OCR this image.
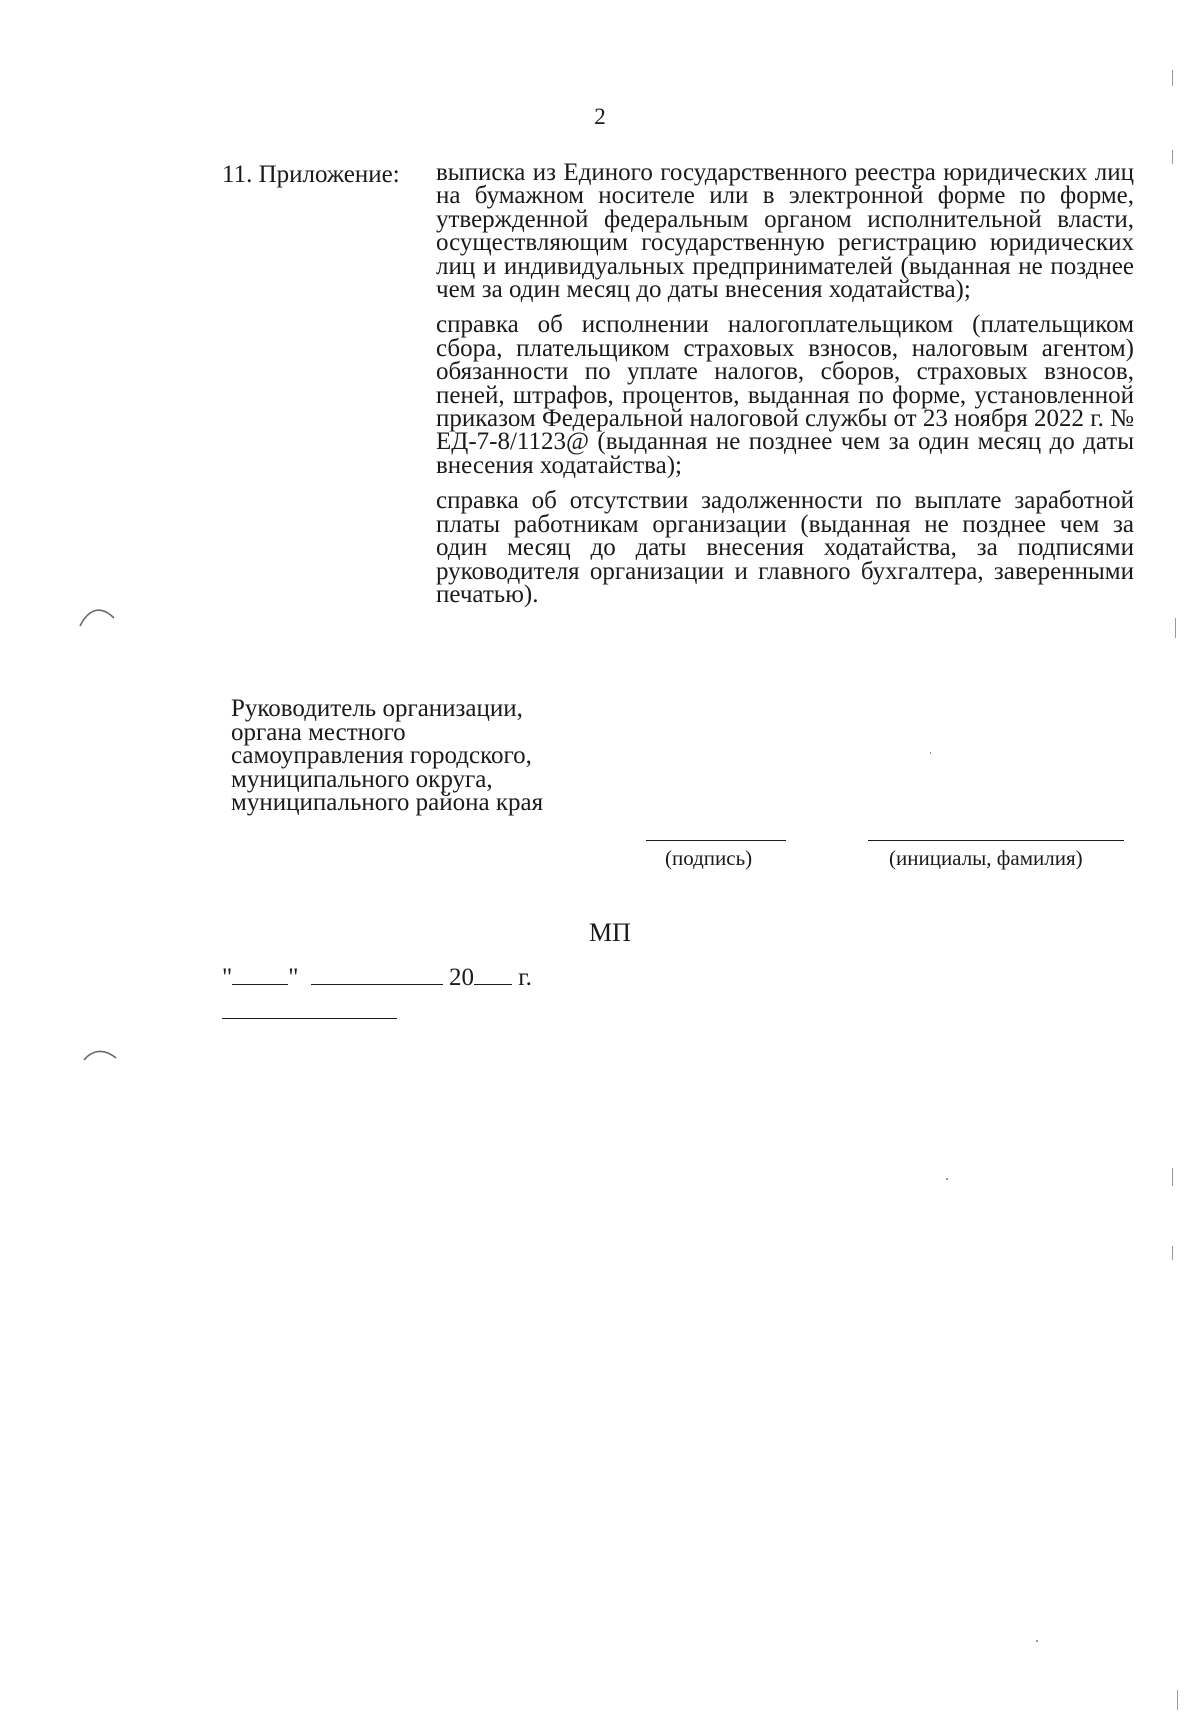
2
11. Приложение: выписка из Единого государственного реестра юридических лиц на бумажном носителе или в электронной форме по форме, утвержденной федеральным органом исполнительной власти, осуществляющим государственную регистрацию юридических лиц и индивидуальных предпринимателей (выданная не позднее чем за один месяц до даты внесения ходатайства);

справка об исполнении налогоплательщиком (плательщиком сбора, плательщиком страховых взносов, налоговым агентом) обязанности по уплате налогов, сборов, страховых взносов, пеней, штрафов, процентов, выданная по форме, установленной приказом Федеральной налоговой службы от 23 ноября 2022 г. № ЕД-7-8/1123@ (выданная не позднее чем за один месяц до даты внесения ходатайства);

справка об отсутствии задолженности по выплате заработной платы работникам организации (выданная не позднее чем за один месяц до даты внесения ходатайства, за подписями руководителя организации и главного бухгалтера, заверенными печатью).

Руководитель организации,
органа местного
самоуправления городского,
муниципального округа,
муниципального района края
(подпись)	(инициалы, фамилия)
МП
" "	20 г.
